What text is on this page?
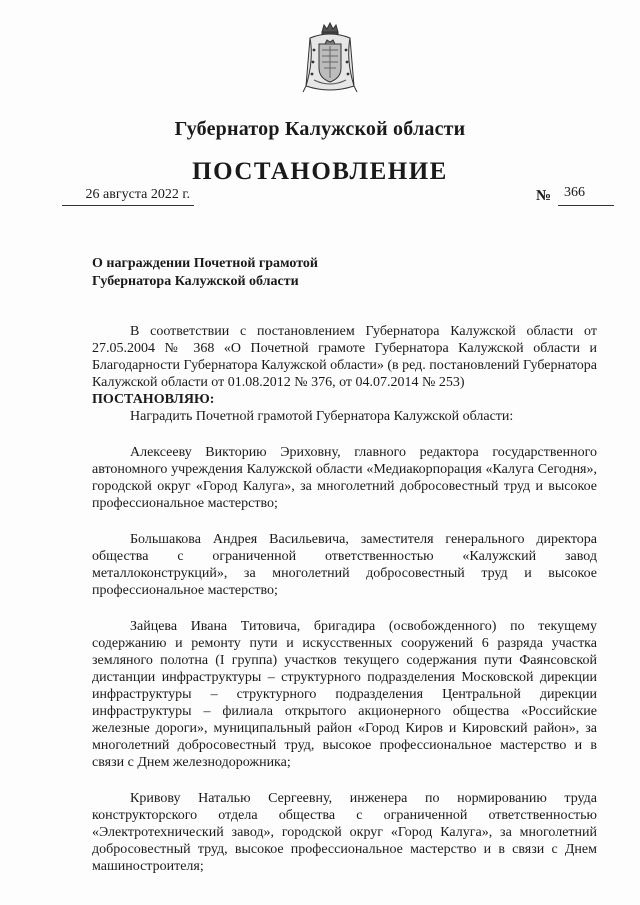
Губернатор Калужской области
ПОСТАНОВЛЕНИЕ
26 августа 2022 г.	№ 366
О награждении Почетной грамотой
Губернатора Калужской области

В соответствии с постановлением Губернатора Калужской области от 27.05.2004 № 368 «О Почетной грамоте Губернатора Калужской области и Благодарности Губернатора Калужской области» (в ред. постановлений Губернатора Калужской области от 01.08.2012 № 376, от 04.07.2014 № 253)

ПОСТАНОВЛЯЮ:

Наградить Почетной грамотой Губернатора Калужской области:

Алексееву Викторию Эриховну, главного редактора государственного автономного учреждения Калужской области «Медиакорпорация «Калуга Сегодня», городской округ «Город Калуга», за многолетний добросовестный труд и высокое профессиональное мастерство;

Большакова Андрея Васильевича, заместителя генерального директора общества с ограниченной ответственностью «Калужский завод металлоконструкций», за многолетний добросовестный труд и высокое профессиональное мастерство;

Зайцева Ивана Титовича, бригадира (освобожденного) по текущему содержанию и ремонту пути и искусственных сооружений 6 разряда участка земляного полотна (I группа) участков текущего содержания пути Фаянсовской дистанции инфраструктуры – структурного подразделения Московской дирекции инфраструктуры – структурного подразделения Центральной дирекции инфраструктуры – филиала открытого акционерного общества «Российские железные дороги», муниципальный район «Город Киров и Кировский район», за многолетний добросовестный труд, высокое профессиональное мастерство и в связи с Днем железнодорожника;

Кривову Наталью Сергеевну, инженера по нормированию труда конструкторского отдела общества с ограниченной ответственностью «Электротехнический завод», городской округ «Город Калуга», за многолетний добросовестный труд, высокое профессиональное мастерство и в связи с Днем машиностроителя;
